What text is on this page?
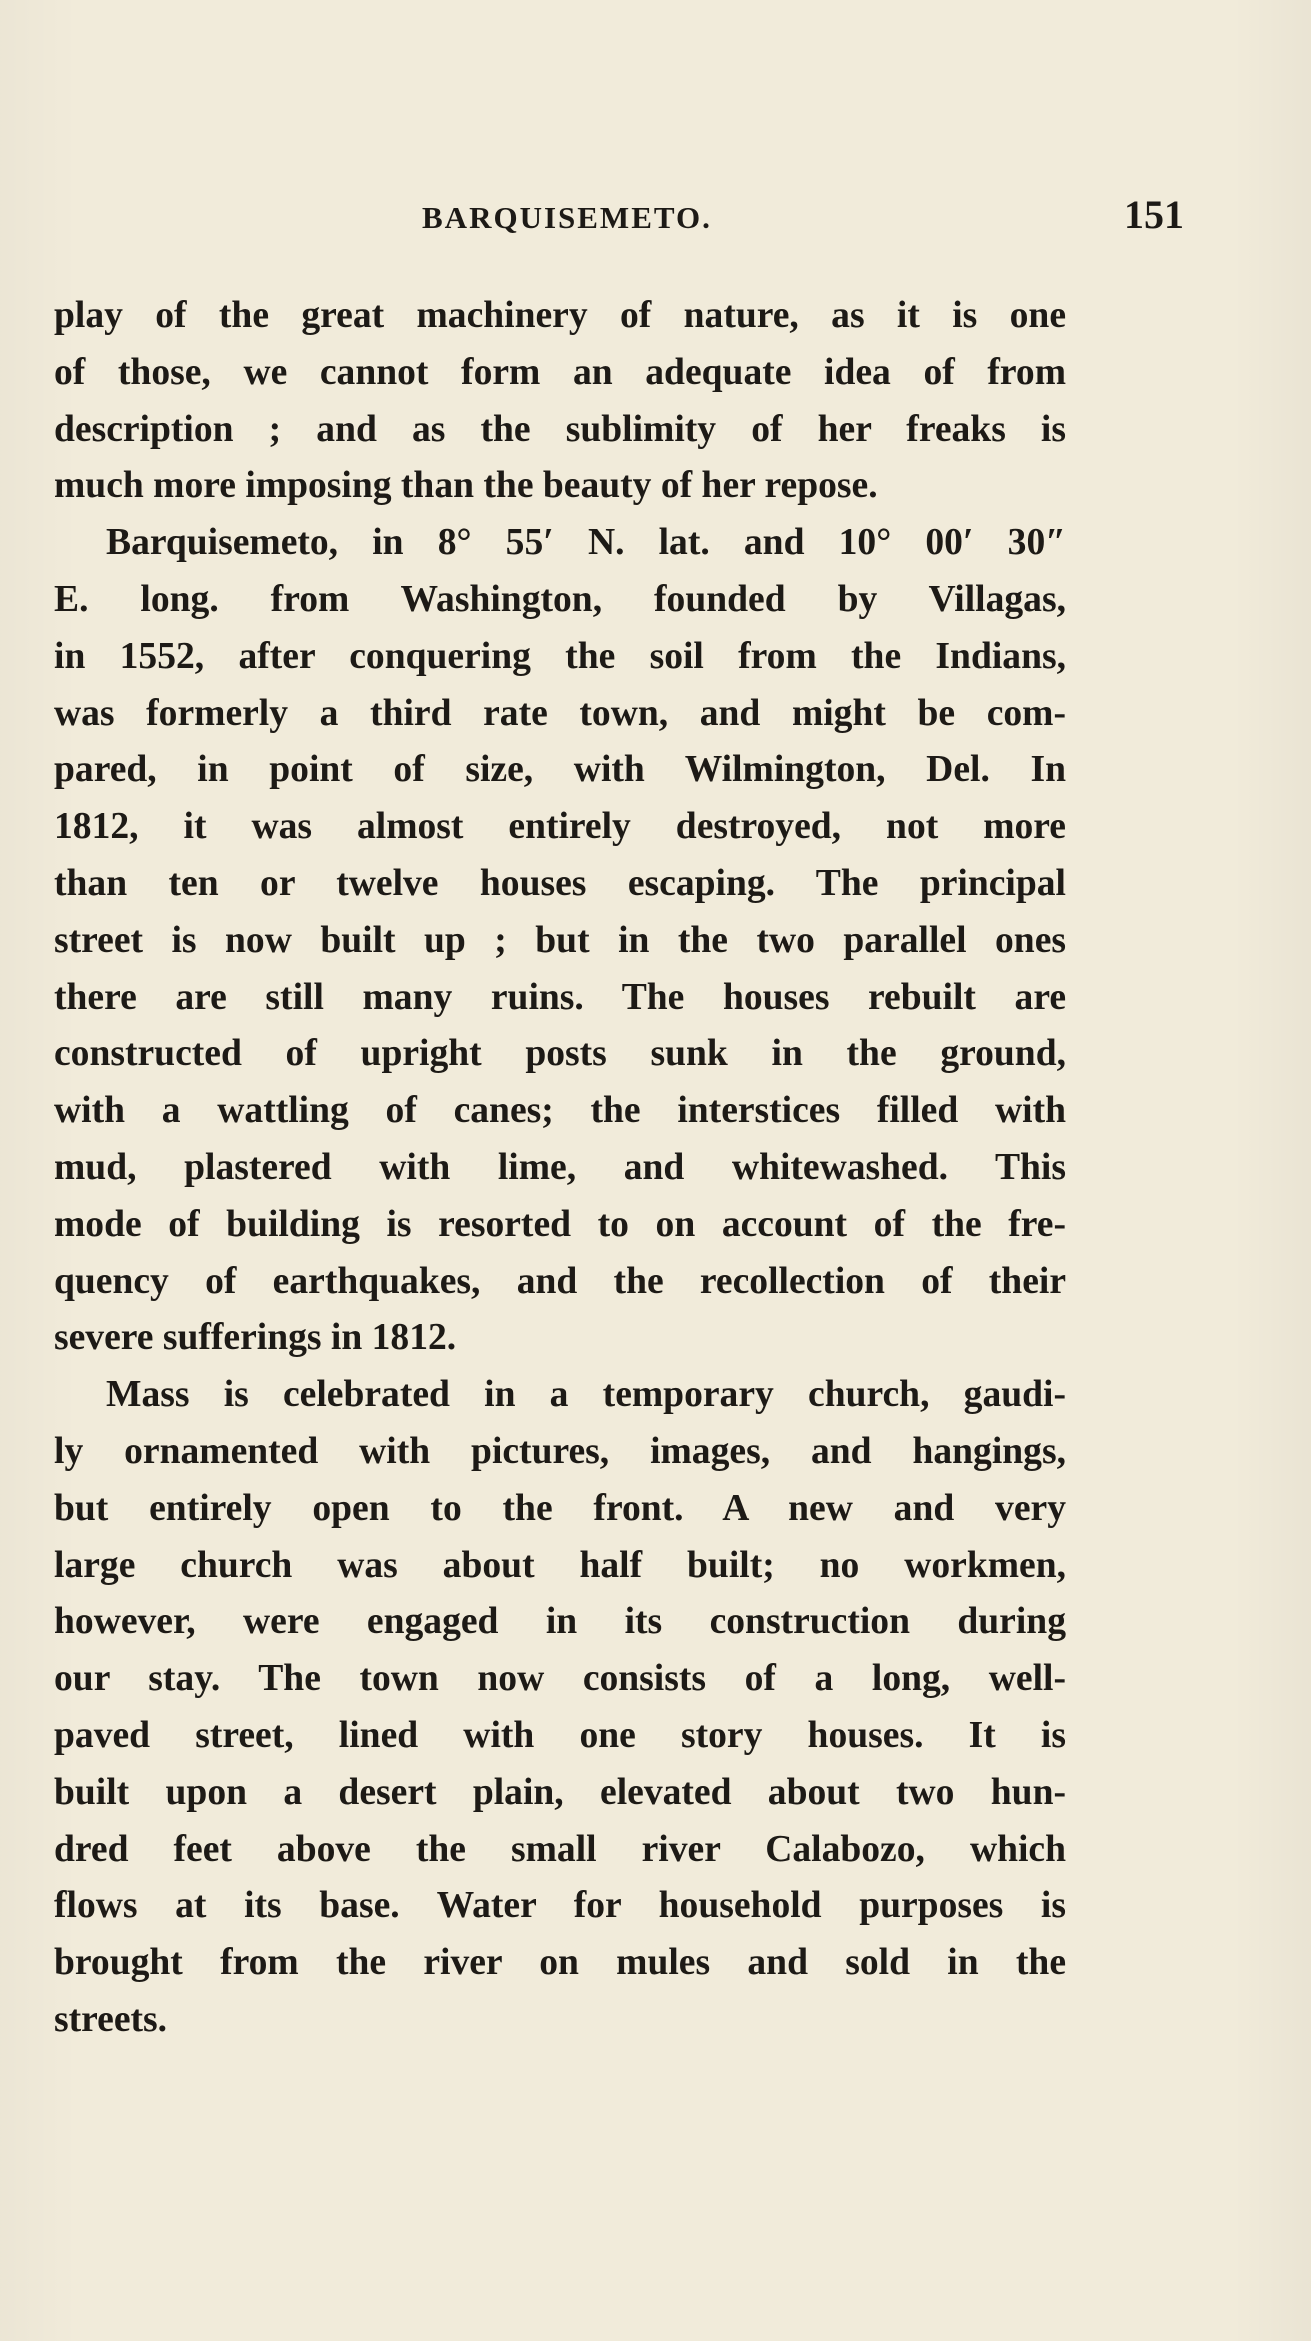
BARQUISEMETO.	151
play of the great machinery of nature, as it is one
of those, we cannot form an adequate idea of from
description ; and as the sublimity of her freaks is
much more imposing than the beauty of her repose.
Barquisemeto, in 8° 55′ N. lat. and 10° 00′ 30″
E. long. from Washington, founded by Villagas,
in 1552, after conquering the soil from the Indians,
was formerly a third rate town, and might be com-
pared, in point of size, with Wilmington, Del. In
1812, it was almost entirely destroyed, not more
than ten or twelve houses escaping. The principal
street is now built up ; but in the two parallel ones
there are still many ruins. The houses rebuilt are
constructed of upright posts sunk in the ground,
with a wattling of canes; the interstices filled with
mud, plastered with lime, and whitewashed. This
mode of building is resorted to on account of the fre-
quency of earthquakes, and the recollection of their
severe sufferings in 1812.
Mass is celebrated in a temporary church, gaudi-
ly ornamented with pictures, images, and hangings,
but entirely open to the front. A new and very
large church was about half built; no workmen,
however, were engaged in its construction during
our stay. The town now consists of a long, well-
paved street, lined with one story houses. It is
built upon a desert plain, elevated about two hun-
dred feet above the small river Calabozo, which
flows at its base. Water for household purposes is
brought from the river on mules and sold in the
streets.
